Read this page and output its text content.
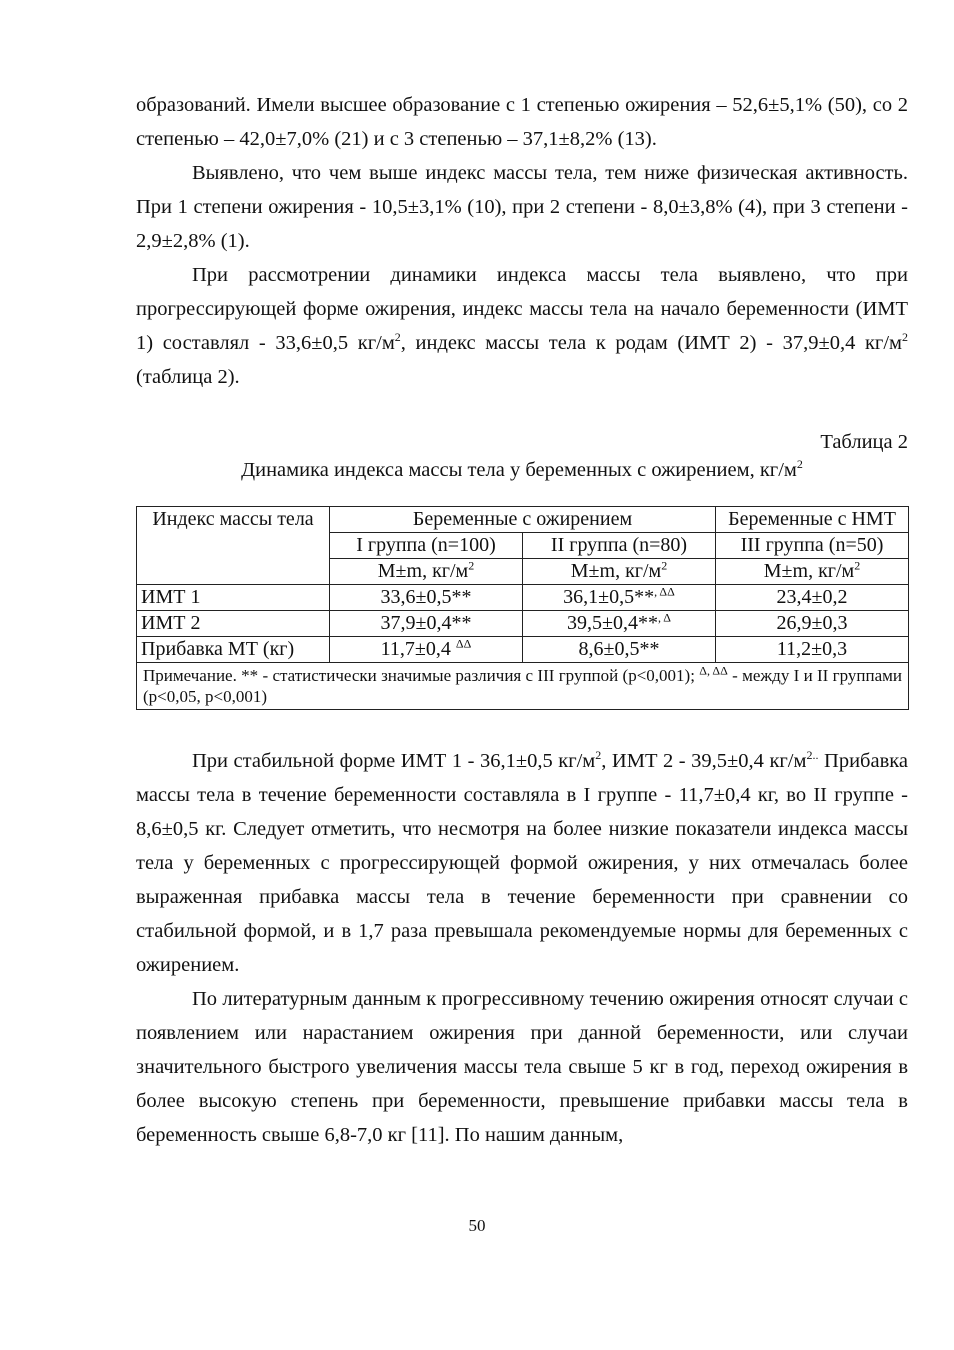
образований. Имели высшее образование с 1 степенью ожирения – 52,6±5,1% (50), со 2 степенью – 42,0±7,0% (21) и с 3 степенью – 37,1±8,2% (13).

Выявлено, что чем выше индекс массы тела, тем ниже физическая активность. При 1 степени ожирения - 10,5±3,1% (10), при 2 степени - 8,0±3,8% (4), при 3 степени - 2,9±2,8% (1).

При рассмотрении динамики индекса массы тела выявлено, что при прогрессирующей форме ожирения, индекс массы тела на начало беременности (ИМТ 1) составлял - 33,6±0,5 $кг/м^2$, индекс массы тела к родам (ИМТ 2) - 37,9±0,4 $кг/м^2$ (таблица 2).

Таблица 2
Динамика индекса массы тела у беременных с ожирением, $кг/м^2$
Индекс массы тела	Беременные с ожирением		Беременные с НМТ
	I группа (n=100)	II группа (n=80)	III группа (n=50)
	M±m, $кг/м^2$	M±m, $кг/м^2$	M±m, $кг/м^2$
ИМТ 1	33,6±0,5**	36,1±0,5**$^{, \Delta\Delta}$	23,4±0,2
ИМТ 2	37,9±0,4**	39,5±0,4**$^{, \Delta}$	26,9±0,3
Прибавка МТ (кг)	11,7±0,4 $^{\Delta\Delta}$	8,6±0,5**	11,2±0,3
Примечание. ** - статистически значимые различия с III группой (p<0,001); $^{\Delta, \Delta\Delta}$ - между I и II группами (p<0,05, p<0,001)			

При стабильной форме ИМТ 1 - 36,1±0,5 $кг/м^2$, ИМТ 2 - 39,5±0,4 $кг/м^{2..}$ Прибавка массы тела в течение беременности составляла в I группе - 11,7±0,4 кг, во II группе - 8,6±0,5 кг. Следует отметить, что несмотря на более низкие показатели индекса массы тела у беременных с прогрессирующей формой ожирения, у них отмечалась более выраженная прибавка массы тела в течение беременности при сравнении со стабильной формой, и в 1,7 раза превышала рекомендуемые нормы для беременных с ожирением.

По литературным данным к прогрессивному течению ожирения относят случаи с появлением или нарастанием ожирения при данной беременности, или случаи значительного быстрого увеличения массы тела свыше 5 кг в год, переход ожирения в более высокую степень при беременности, превышение прибавки массы тела в беременность свыше 6,8-7,0 кг [11]. По нашим данным,

50
